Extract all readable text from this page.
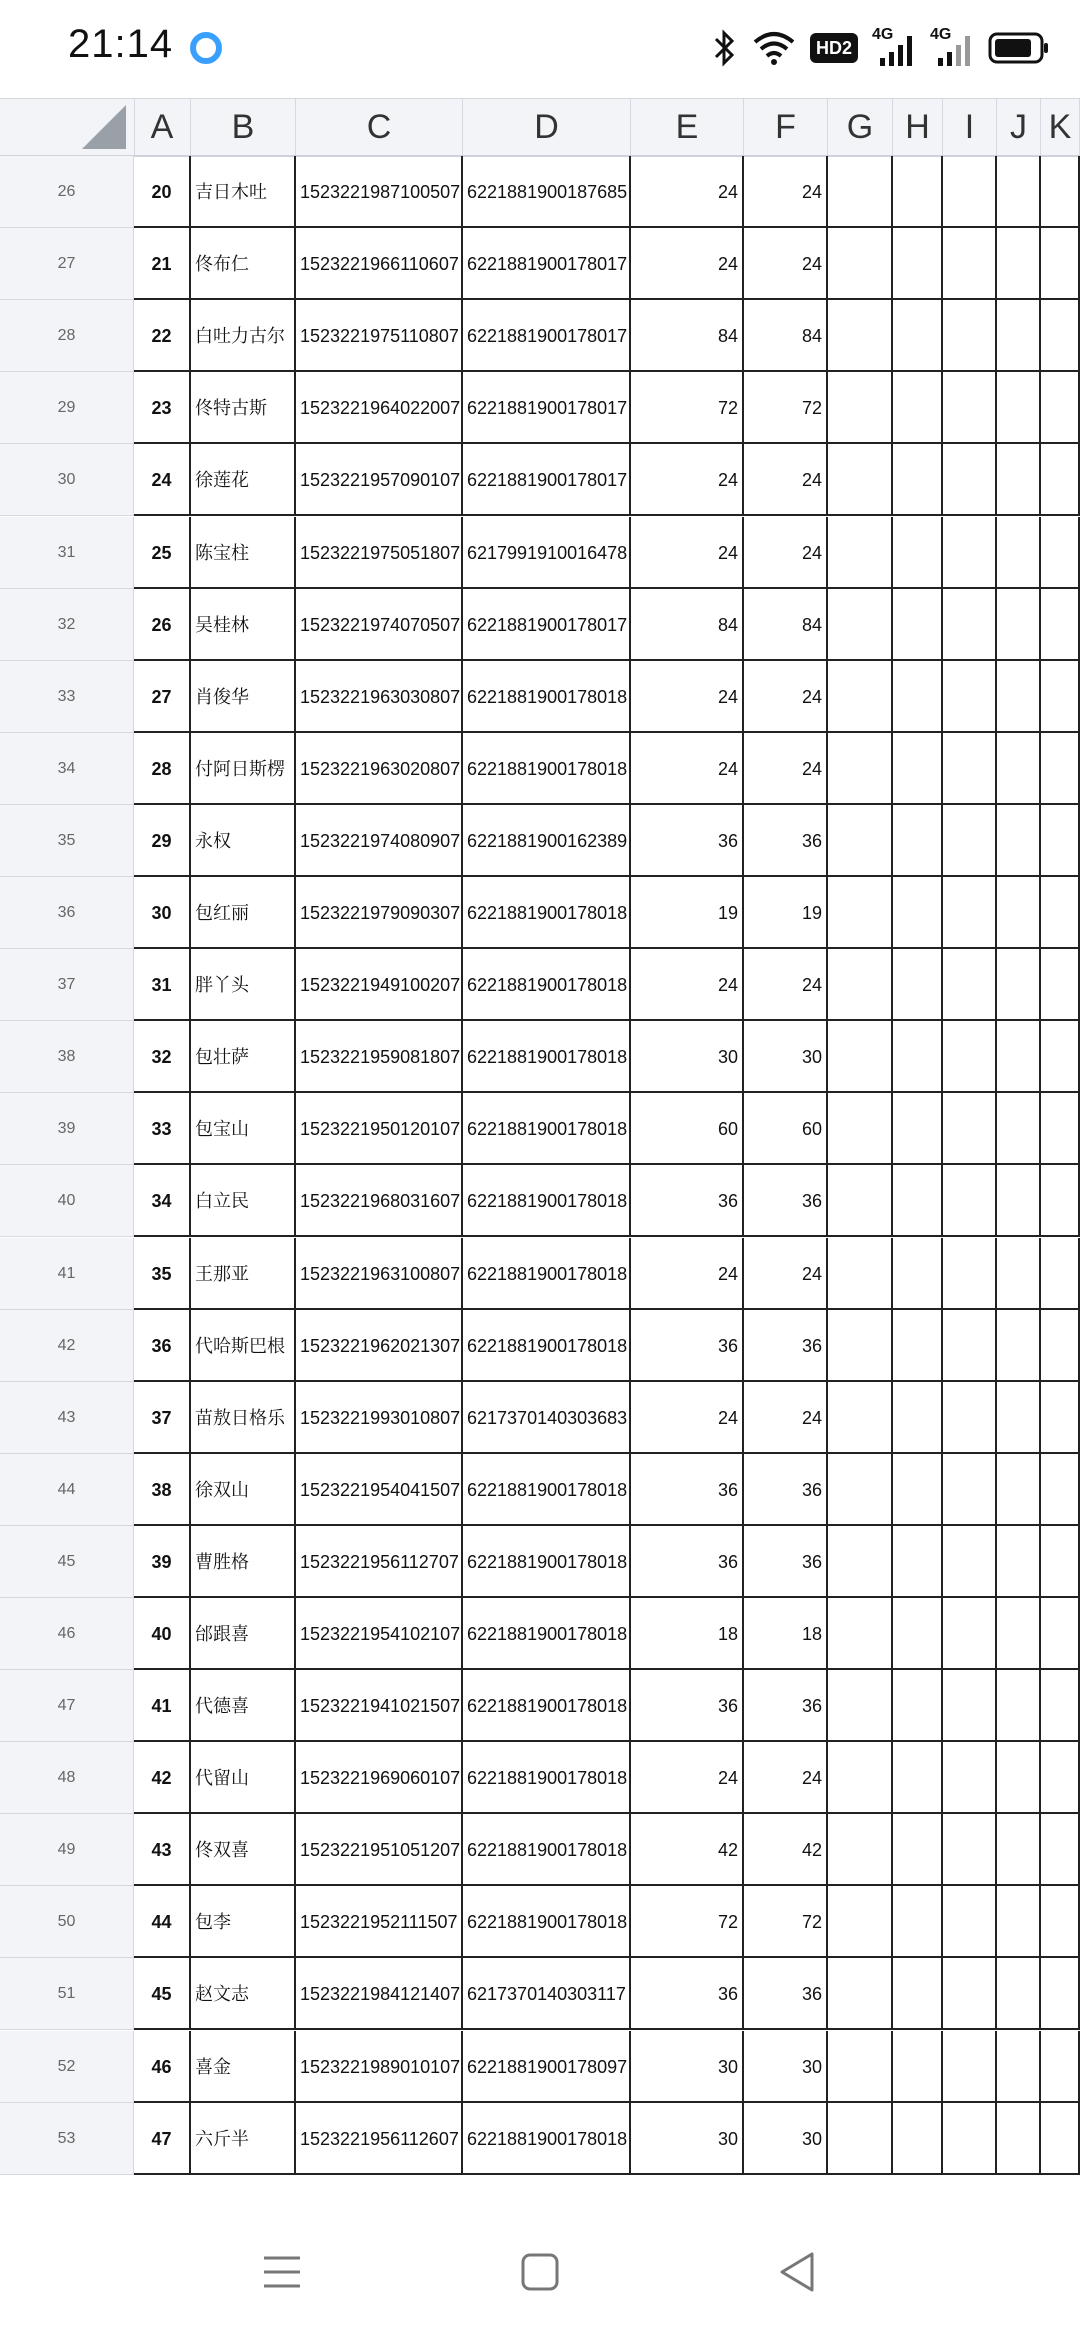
21:14	HD2
4G 4G
A	B	C	D	E	F	G H	I	J K
26	20	吉日木吐	1523221987100507 6221881900187685	24	24
27	21	佟布仁	1523221966110607 6221881900178017	24	24
28	22	白吐力古尔 1523221975110807 6221881900178017	84	84
29	23	佟特古斯	1523221964022007 6221881900178017	72	72
30	24	徐莲花	1523221957090107 6221881900178017	24	24
31	25	陈宝柱	1523221975051807 6217991910016478	24	24
32	26	吴桂林	1523221974070507 6221881900178017	84	84
33	27	肖俊华	1523221963030807 6221881900178018	24	24
34	28	付阿日斯楞 1523221963020807 6221881900178018	24	24
35	29	永权	1523221974080907 6221881900162389	36	36
36	30	包红丽	1523221979090307 6221881900178018	19	19
37	31	胖丫头	1523221949100207 6221881900178018	24	24
38	32	包壮萨	1523221959081807 6221881900178018	30	30
39	33	包宝山	1523221950120107 6221881900178018	60	60
40	34	白立民	1523221968031607 6221881900178018	36	36
41	35	王那亚	1523221963100807 6221881900178018	24	24
42	36	代哈斯巴根 1523221962021307 6221881900178018	36	36
43	37	苗敖日格乐 1523221993010807 6217370140303683	24	24
44	38	徐双山	1523221954041507 6221881900178018	36	36
45	39	曹胜格	1523221956112707 6221881900178018	36	36
46	40	邰跟喜	1523221954102107 6221881900178018	18	18
47	41	代德喜	1523221941021507 6221881900178018	36	36
48	42	代留山	1523221969060107 6221881900178018	24	24
49	43	佟双喜	1523221951051207 6221881900178018	42	42
50	44	包李	1523221952111507 6221881900178018	72	72
51	45	赵文志	1523221984121407 6217370140303117	36	36
52	46	喜金	1523221989010107 6221881900178097	30	30
53	47	六斤半	1523221956112607 6221881900178018	30	30
